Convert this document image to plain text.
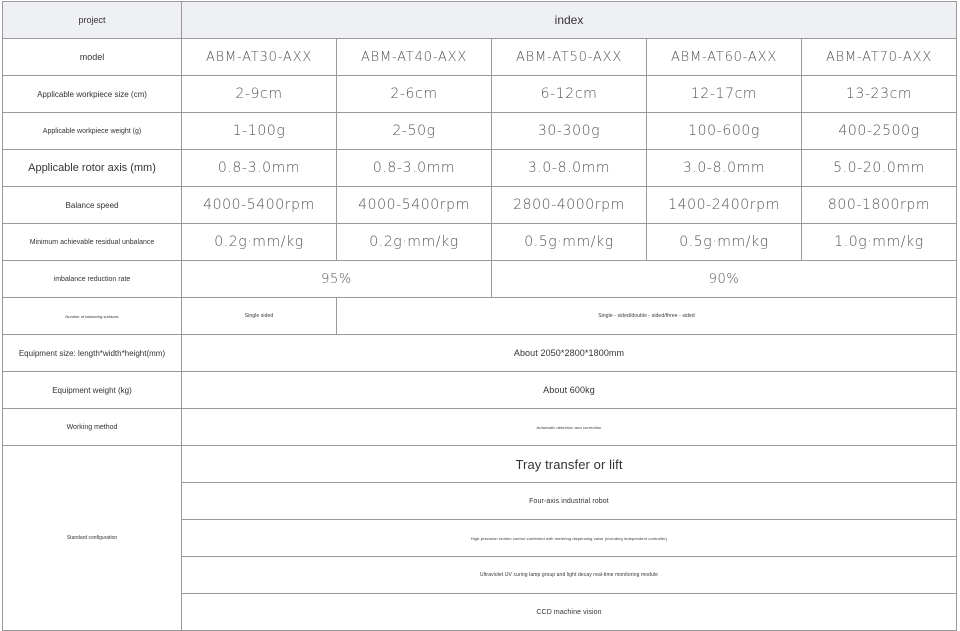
project	index				
model	ABM-AT30-AXX	ABM-AT40-AXX	ABM-AT50-AXX	ABM-AT60-AXX	ABM-AT70-AXX
Applicable workpiece size (cm)	2-9cm	2-6cm	6-12cm	12-17cm	13-23cm
Applicable workpiece weight (g)	1-100g	2-50g	30-300g	100-600g	400-2500g
Applicable rotor axis (mm)	0.8-3.0mm	0.8-3.0mm	3.0-8.0mm	3.0-8.0mm	5.0-20.0mm
Balance speed	4000-5400rpm	4000-5400rpm	2800-4000rpm	1400-2400rpm	800-1800rpm
Minimum achievable residual unbalance	0.2g·mm/kg	0.2g·mm/kg	0.5g·mm/kg	0.5g·mm/kg	1.0g·mm/kg
imbalance reduction rate	95%		90%		
Number of balancing surfaces	Single sided	Single - sided/double - sided/three - sided			
Equipment size: length*width*height(mm)	About 2050*2800*1800mm				
Equipment weight (kg)	About 600kg				
Working method	Automatic detection and correction				
Standard configuration	Tray transfer or lift				
	Four-axis industrial robot				
	High-precision motion control combined with metering dispensing valve (including independent controller)				
	Ultraviolet UV curing lamp group and light decay real-time monitoring module				
	CCD machine vision				
